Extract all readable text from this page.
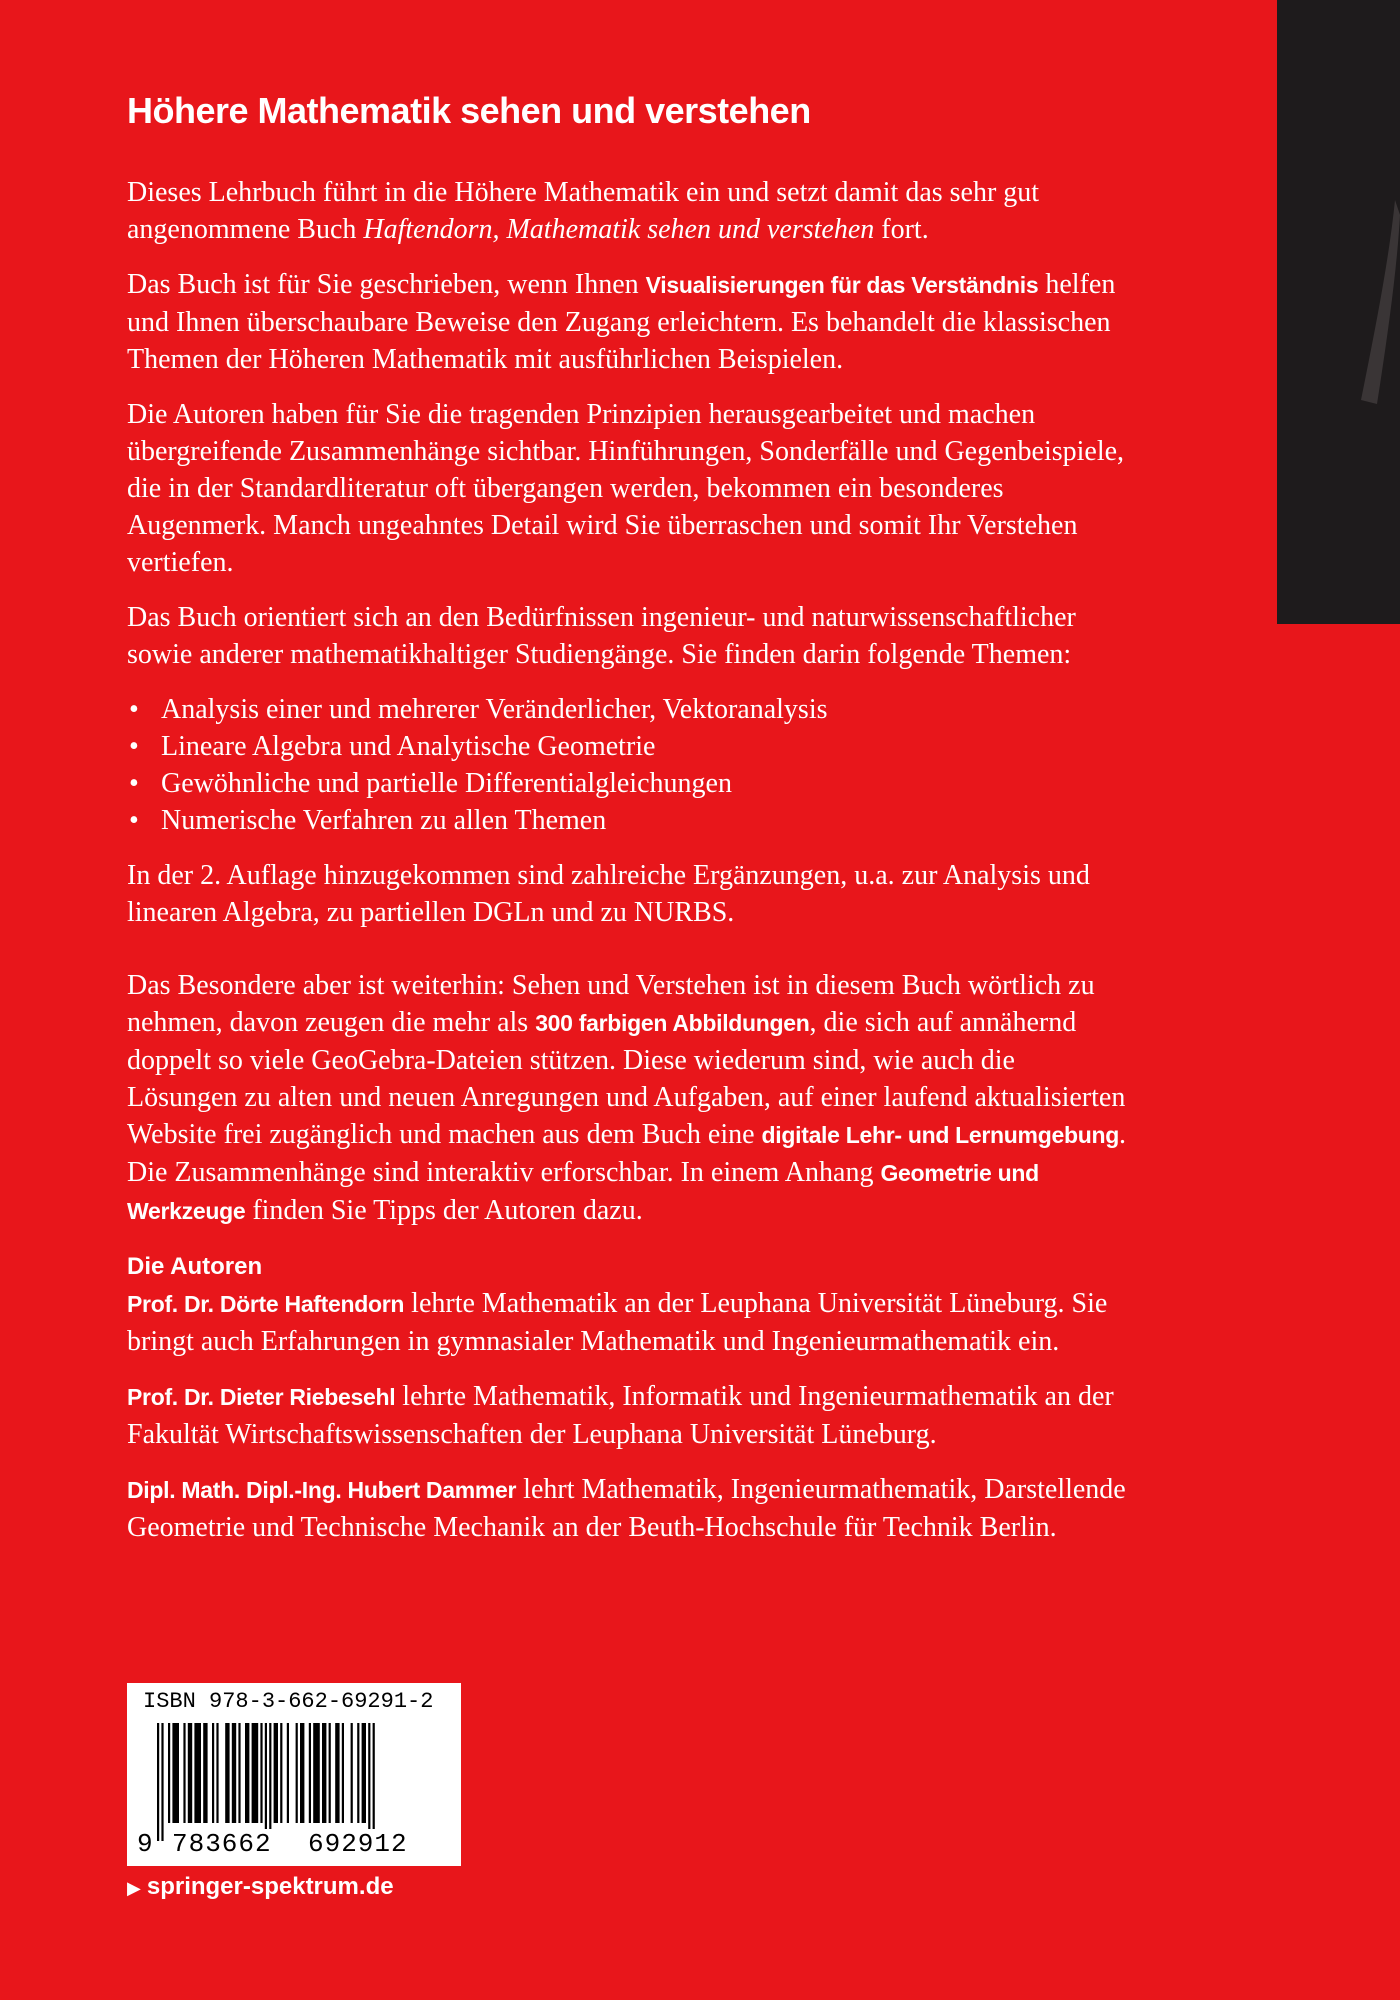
Höhere Mathematik sehen und verstehen

Dieses Lehrbuch führt in die Höhere Mathematik ein und setzt damit das sehr gut angenommene Buch Haftendorn, Mathematik sehen und verstehen fort.

Das Buch ist für Sie geschrieben, wenn Ihnen Visualisierungen für das Verständnis helfen und Ihnen überschaubare Beweise den Zugang erleichtern. Es behandelt die klassischen Themen der Höheren Mathematik mit ausführlichen Beispielen.

Die Autoren haben für Sie die tragenden Prinzipien herausgearbeitet und machen übergreifende Zusammenhänge sichtbar. Hinführungen, Sonderfälle und Gegenbeispiele, die in der Standardliteratur oft übergangen werden, bekommen ein besonderes Augenmerk. Manch ungeahntes Detail wird Sie überraschen und somit Ihr Verstehen vertiefen.

Das Buch orientiert sich an den Bedürfnissen ingenieur- und naturwissenschaftlicher sowie anderer mathematikhaltiger Studiengänge. Sie finden darin folgende Themen:

• Analysis einer und mehrerer Veränderlicher, Vektoranalysis
• Lineare Algebra und Analytische Geometrie
• Gewöhnliche und partielle Differentialgleichungen
• Numerische Verfahren zu allen Themen

In der 2. Auflage hinzugekommen sind zahlreiche Ergänzungen, u.a. zur Analysis und linearen Algebra, zu partiellen DGLn und zu NURBS.

Das Besondere aber ist weiterhin: Sehen und Verstehen ist in diesem Buch wörtlich zu nehmen, davon zeugen die mehr als 300 farbigen Abbildungen, die sich auf annähernd doppelt so viele GeoGebra-Dateien stützen. Diese wiederum sind, wie auch die Lösungen zu alten und neuen Anregungen und Aufgaben, auf einer laufend aktualisierten Website frei zugänglich und machen aus dem Buch eine digitale Lehr- und Lernumgebung. Die Zusammenhänge sind interaktiv erforschbar. In einem Anhang Geometrie und Werkzeuge finden Sie Tipps der Autoren dazu.

Die Autoren

Prof. Dr. Dörte Haftendorn lehrte Mathematik an der Leuphana Universität Lüneburg. Sie bringt auch Erfahrungen in gymnasialer Mathematik und Ingenieurmathematik ein.

Prof. Dr. Dieter Riebesehl lehrte Mathematik, Informatik und Ingenieurmathematik an der Fakultät Wirtschaftswissenschaften der Leuphana Universität Lüneburg.

Dipl. Math. Dipl.-Ing. Hubert Dammer lehrt Mathematik, Ingenieurmathematik, Darstellende Geometrie und Technische Mechanik an der Beuth-Hochschule für Technik Berlin.

ISBN 978-3-662-69291-2
9 783662 692912
▶ springer-spektrum.de
